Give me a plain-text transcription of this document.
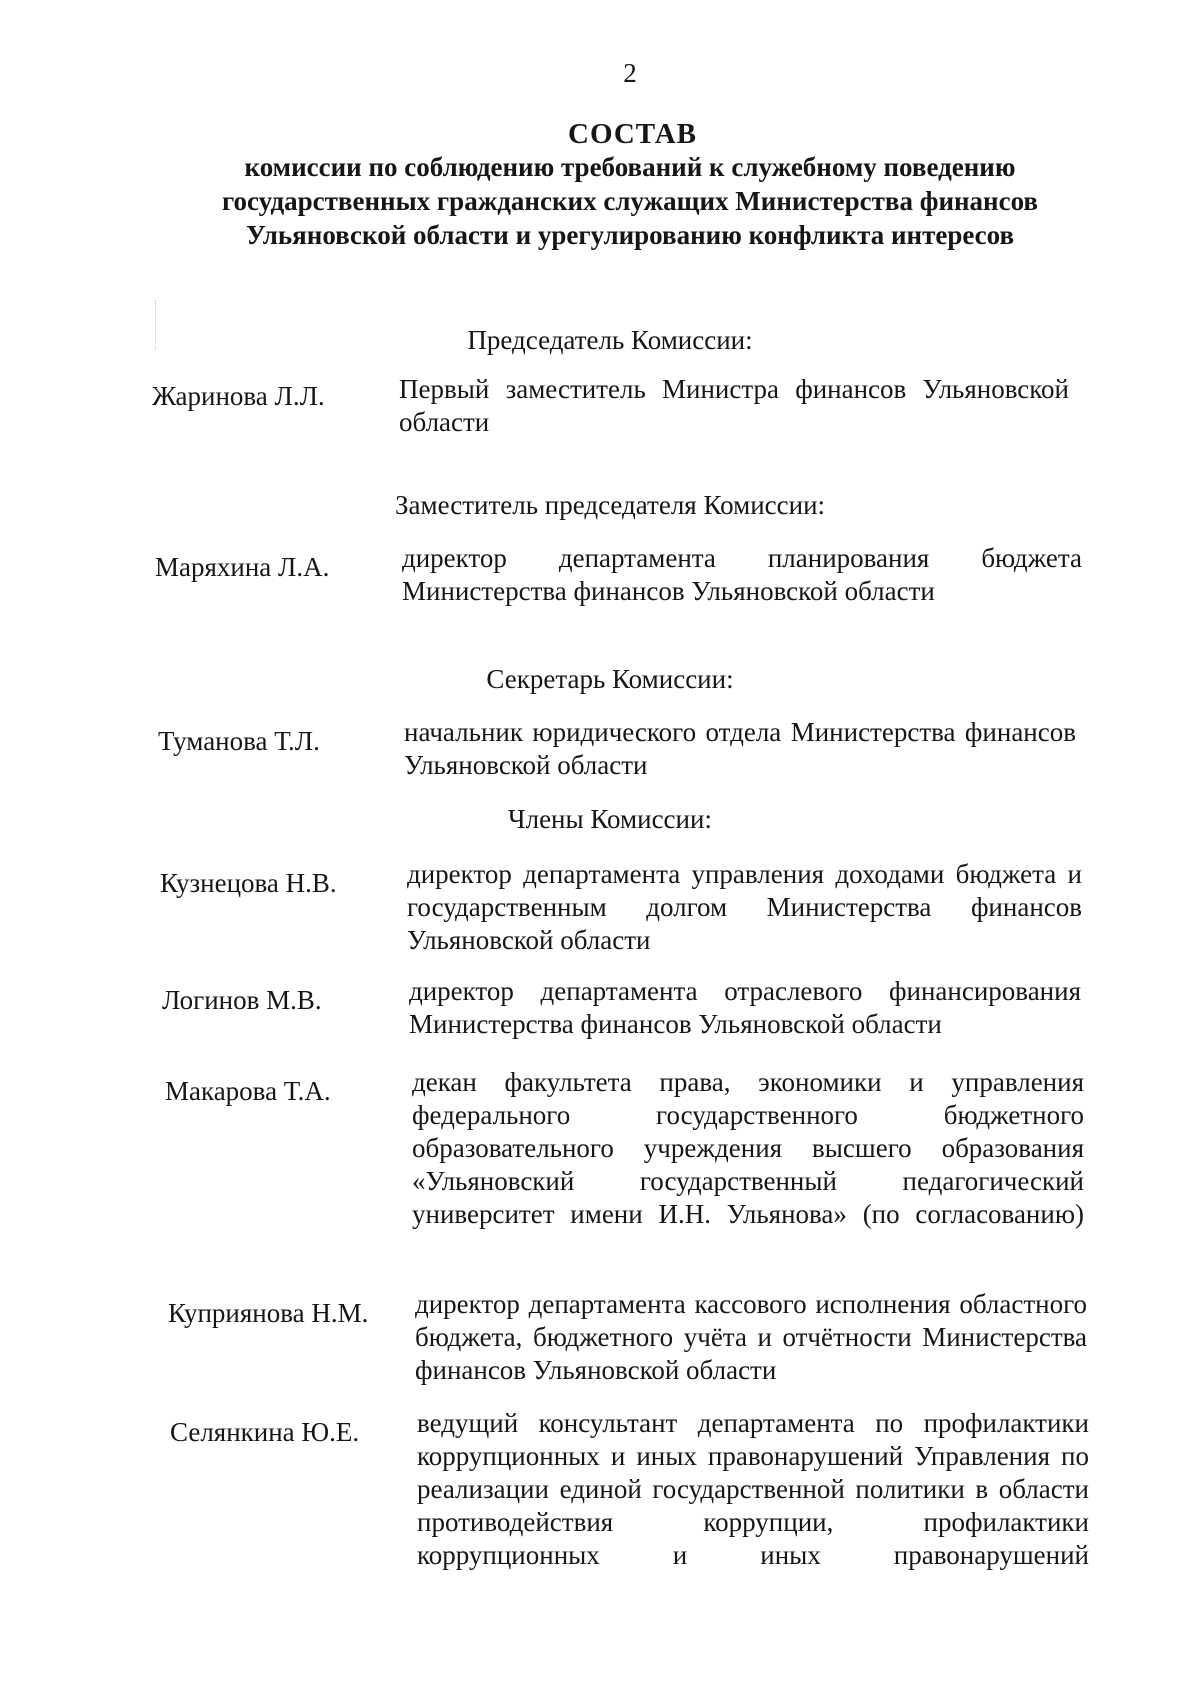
2
СОСТАВ
комиссии по соблюдению требований к служебному поведению государственных гражданских служащих Министерства финансов Ульяновской области и урегулированию конфликта интересов
Председатель Комиссии:
Жаринова Л.Л.	Первый заместитель Министра финансов Ульяновской области
Заместитель председателя Комиссии:
Маряхина Л.А.	директор департамента планирования бюджета Министерства финансов Ульяновской области
Секретарь Комиссии:
Туманова Т.Л.	начальник юридического отдела Министерства финансов Ульяновской области
Члены Комиссии:
Кузнецова Н.В.	директор департамента управления доходами бюджета и государственным долгом Министерства финансов Ульяновской области
Логинов М.В.	директор департамента отраслевого финансирования Министерства финансов Ульяновской области
Макарова Т.А.	декан факультета права, экономики и управления федерального государственного бюджетного образовательного учреждения высшего образования «Ульяновский государственный педагогический университет имени И.Н. Ульянова» (по согласованию)
Куприянова Н.М. директор департамента кассового исполнения областного бюджета, бюджетного учёта и отчётности Министерства финансов Ульяновской области
Селянкина Ю.Е. ведущий консультант департамента по профилактики коррупционных и иных правонарушений Управления по реализации единой государственной политики в области противодействия коррупции, профилактики коррупционных и иных правонарушений
